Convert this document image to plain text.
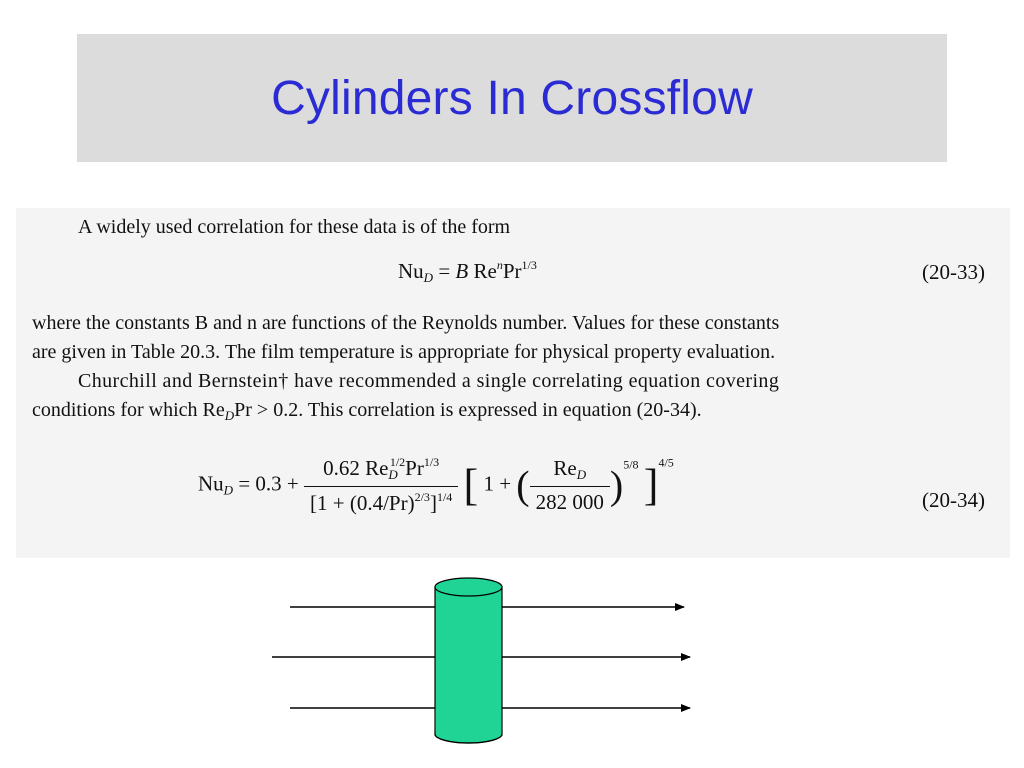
Cylinders In Crossflow
A widely used correlation for these data is of the form
$Nu_D = B$ $Re^nPr^{1/3}$	(20-33)
where the constants B and n are functions of the Reynolds number. Values for these constants
are given in Table 20.3. The film temperature is appropriate for physical property evaluation.
Churchill and Bernstein† have recommended a single correlating equation covering
conditions for which $Re_DPr > 0.2$. This correlation is expressed in equation (20-34).
$Nu_D = 0.3 + \frac{0.62 Re_D^{1/2}Pr^{1/3}}{[1 + (0.4/Pr)^{2/3}]^{1/4}}$ [ 1 + ( $\frac{Re_D}{282 000} )^{5/8}$ ]$^{4/5}$
(20-34)
